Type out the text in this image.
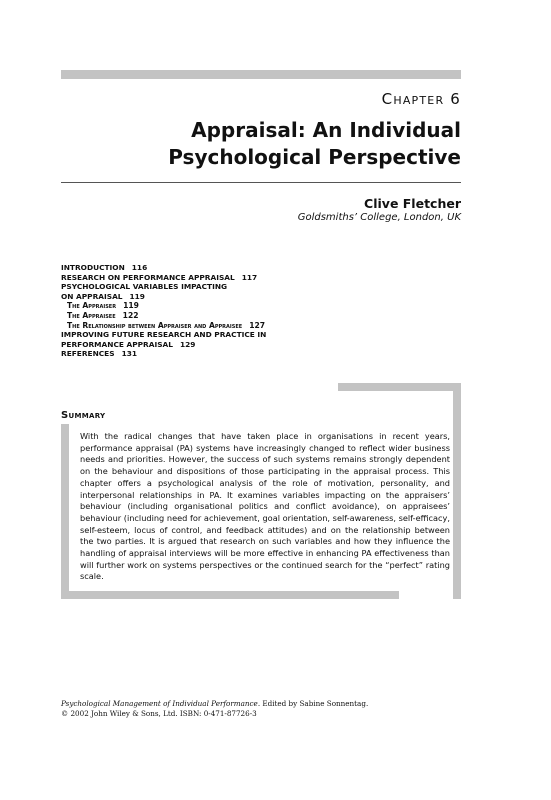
Chapter 6
Appraisal: An Individual
Psychological Perspective
Clive Fletcher
Goldsmiths’ College, London, UK
INTRODUCTION 116
RESEARCH ON PERFORMANCE APPRAISAL 117
PSYCHOLOGICAL VARIABLES IMPACTING
ON APPRAISAL 119
The Appraiser 119
The Appraisee 122
The Relationship between Appraiser and Appraisee 127
IMPROVING FUTURE RESEARCH AND PRACTICE IN
PERFORMANCE APPRAISAL 129
REFERENCES 131
Summary

With the radical changes that have taken place in organisations in recent years, performance appraisal (PA) systems have increasingly changed to reflect wider business needs and priorities. However, the success of such systems remains strongly dependent on the behaviour and dispositions of those participating in the appraisal process. This chapter offers a psychological analysis of the role of motivation, personality, and interpersonal relationships in PA. It examines variables impacting on the appraisers’ behaviour (including organisational politics and conflict avoidance), on appraisees’ behaviour (including need for achievement, goal orientation, self-awareness, self-efficacy, self-esteem, locus of control, and feedback attitudes) and on the relationship between the two parties. It is argued that research on such variables and how they influence the handling of appraisal interviews will be more effective in enhancing PA effectiveness than will further work on systems perspectives or the continued search for the “perfect” rating scale.

Psychological Management of Individual Performance. Edited by Sabine Sonnentag.
© 2002 John Wiley & Sons, Ltd. ISBN: 0-471-87726-3
